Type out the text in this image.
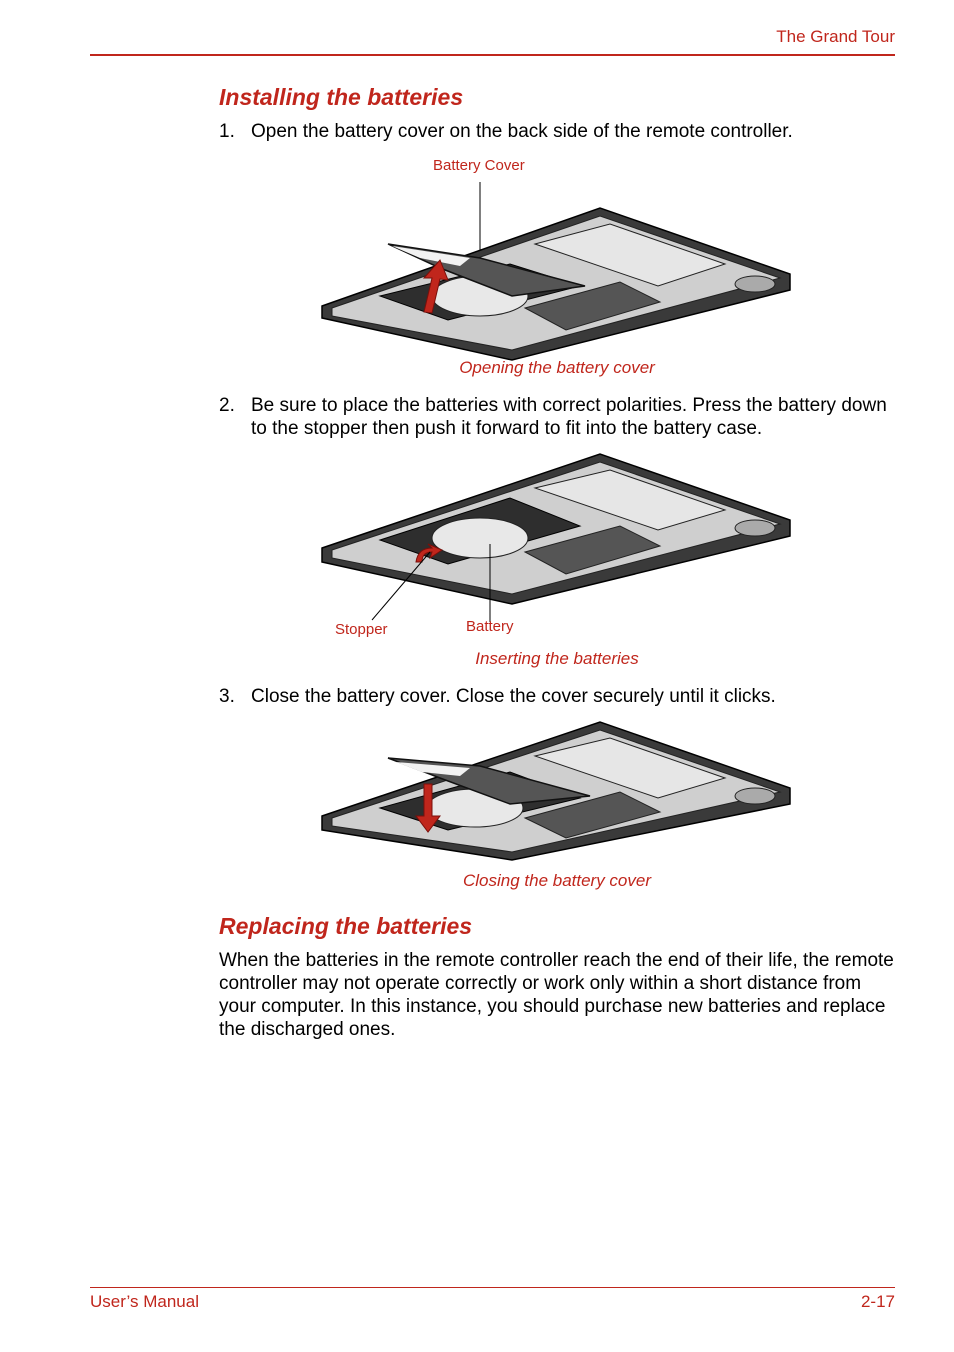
The Grand Tour
Installing the batteries
1. Open the battery cover on the back side of the remote controller.
Battery Cover
Opening the battery cover
2. Be sure to place the batteries with correct polarities. Press the battery down to the stopper then push it forward to fit into the battery case.
Stopper	Battery
Inserting the batteries
3. Close the battery cover. Close the cover securely until it clicks.
Closing the battery cover
Replacing the batteries
When the batteries in the remote controller reach the end of their life, the remote controller may not operate correctly or work only within a short distance from your computer. In this instance, you should purchase new batteries and replace the discharged ones.
User’s Manual	2-17
